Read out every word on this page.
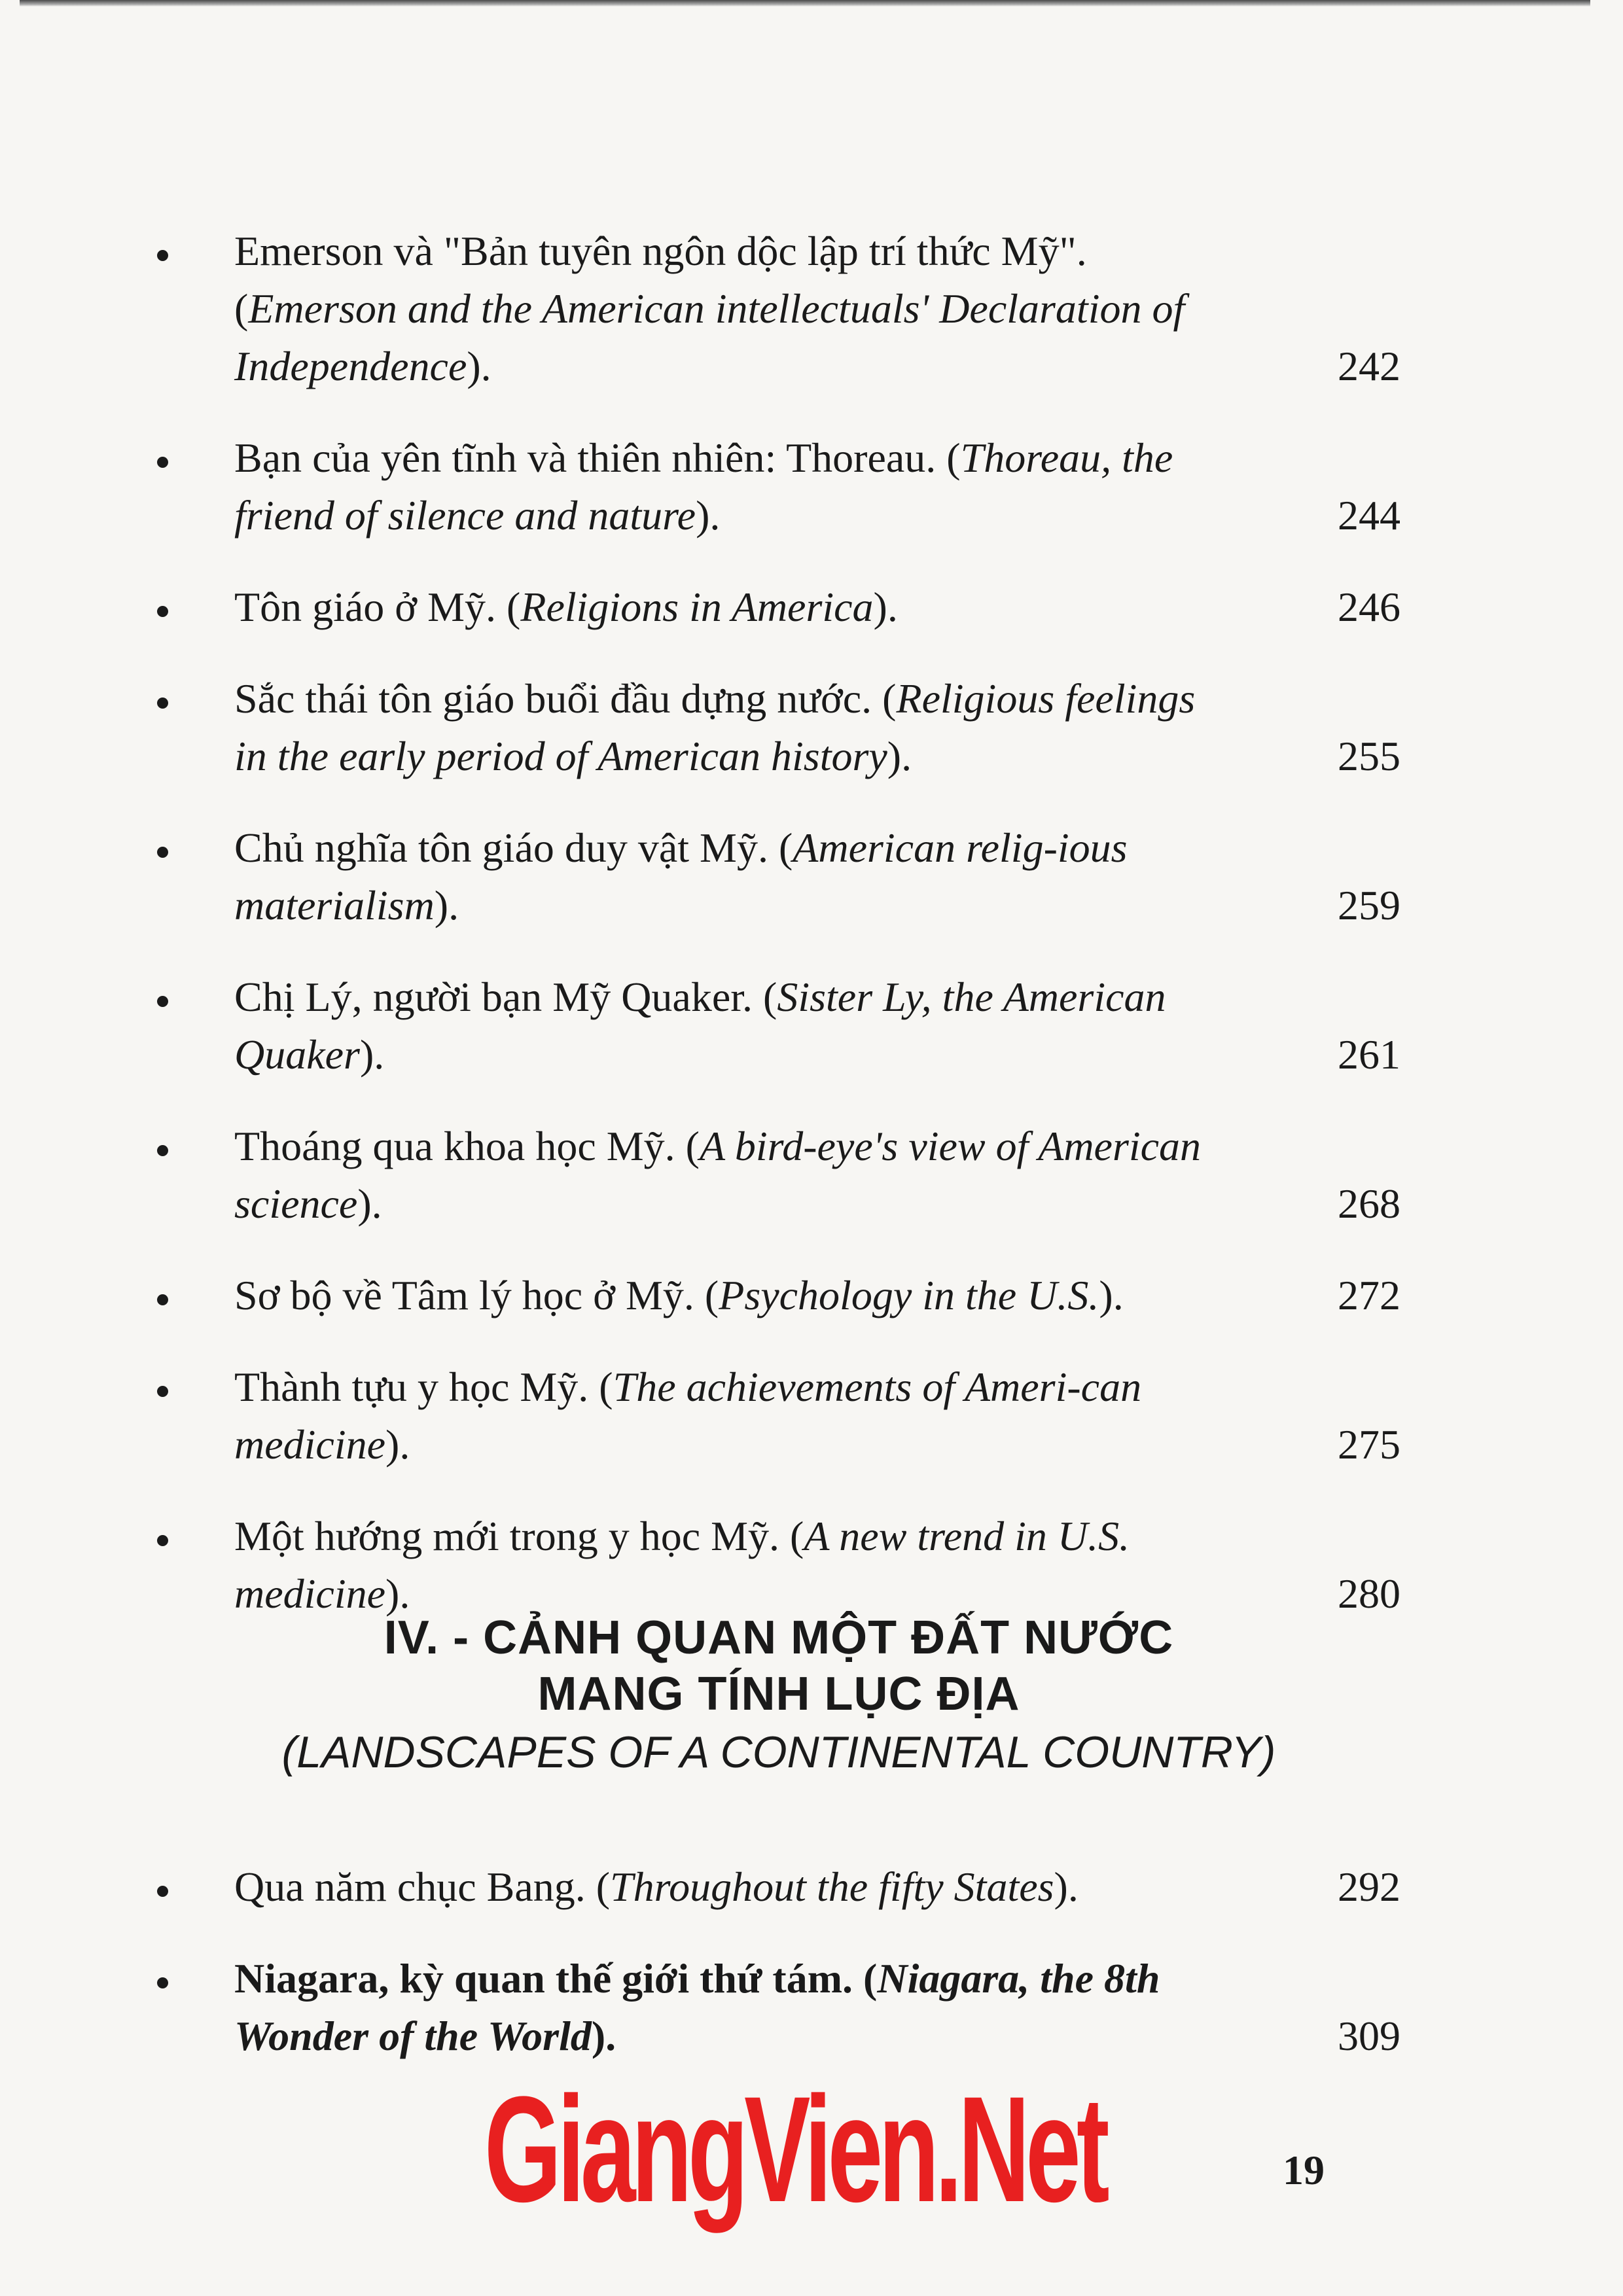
Emerson và "Bản tuyên ngôn dộc lập trí thức Mỹ". (Emerson and the American intellectuals' Declaration of Independence).	242
Bạn của yên tĩnh và thiên nhiên: Thoreau. (Thoreau, the friend of silence and nature).	244
Tôn giáo ở Mỹ. (Religions in America).	246
Sắc thái tôn giáo buổi đầu dựng nước. (Religious feelings in the early period of American history).	255
Chủ nghĩa tôn giáo duy vật Mỹ. (American relig-ious materialism).	259
Chị Lý, người bạn Mỹ Quaker. (Sister Ly, the American Quaker).	261
Thoáng qua khoa học Mỹ. (A bird-eye's view of American science).	268
Sơ bộ về Tâm lý học ở Mỹ. (Psychology in the U.S.).	272
Thành tựu y học Mỹ. (The achievements of Ameri-can medicine).	275
Một hướng mới trong y học Mỹ. (A new trend in U.S. medicine).	280
IV. - CẢNH QUAN MỘT ĐẤT NƯỚC
MANG TÍNH LỤC ĐỊA
(LANDSCAPES OF A CONTINENTAL COUNTRY)
Qua năm chục Bang. (Throughout the fifty States).	292
Niagara, kỳ quan thế giới thứ tám. (Niagara, the 8th Wonder of the World).	309
GiangVien.Net	19
